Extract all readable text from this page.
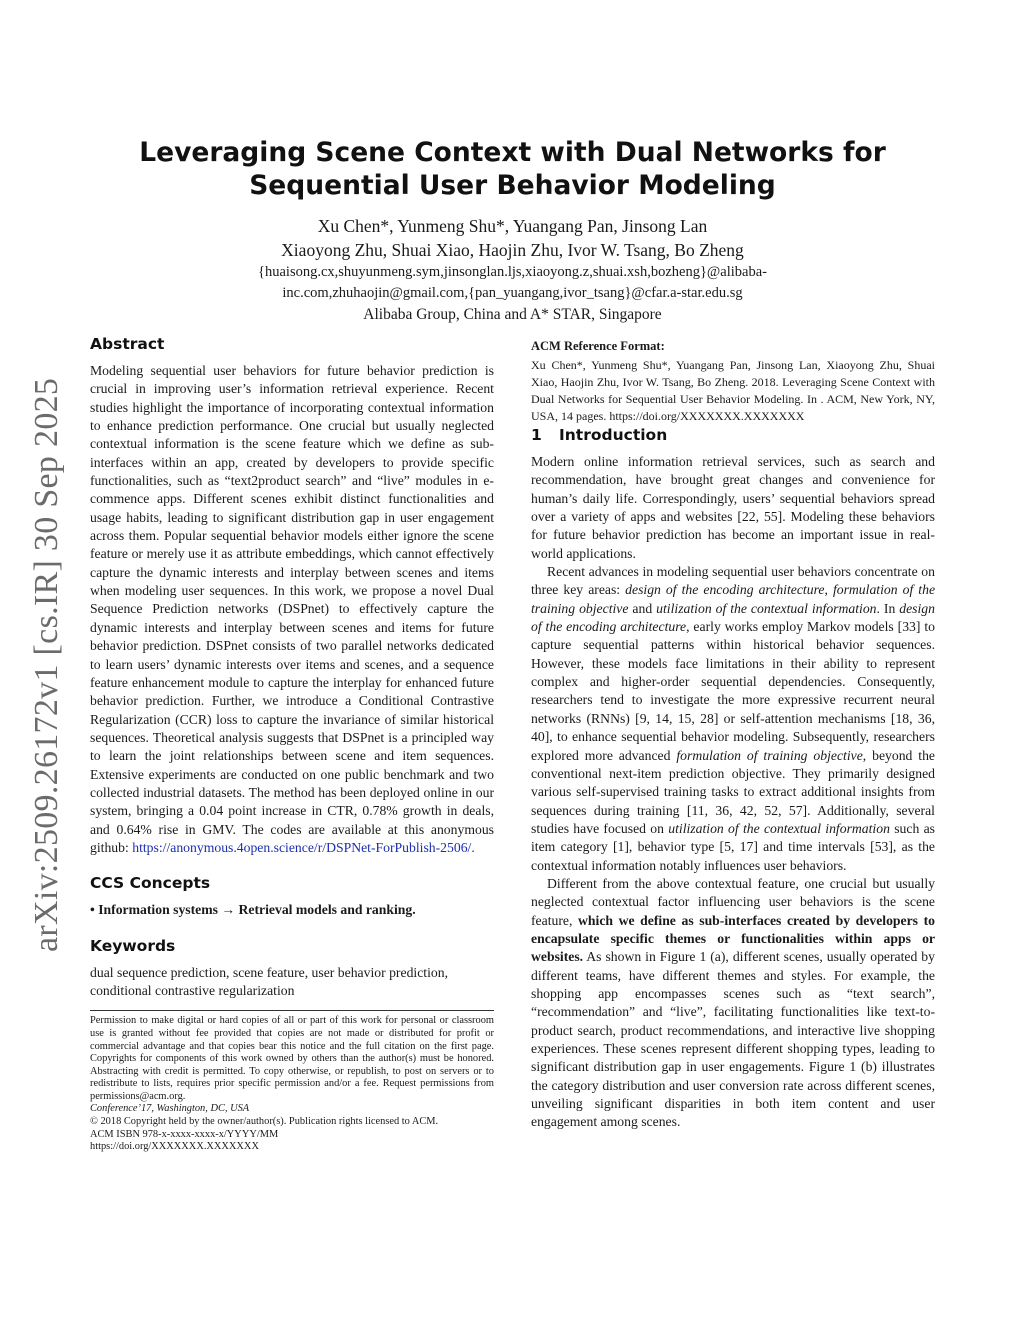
arXiv:2509.26172v1 [cs.IR] 30 Sep 2025
Leveraging Scene Context with Dual Networks for Sequential User Behavior Modeling
Xu Chen*, Yunmeng Shu*, Yuangang Pan, Jinsong Lan
Xiaoyong Zhu, Shuai Xiao, Haojin Zhu, Ivor W. Tsang, Bo Zheng
{huaisong.cx,shuyunmeng.sym,jinsonglan.ljs,xiaoyong.z,shuai.xsh,bozheng}@alibaba-
inc.com,zhuhaojin@gmail.com,{pan_yuangang,ivor_tsang}@cfar.a-star.edu.sg
Alibaba Group, China and A* STAR, Singapore
Abstract

Modeling sequential user behaviors for future behavior prediction is crucial in improving user’s information retrieval experience. Recent studies highlight the importance of incorporating contextual information to enhance prediction performance. One crucial but usually neglected contextual information is the scene feature which we define as sub-interfaces within an app, created by developers to provide specific functionalities, such as “text2product search” and “live” modules in e-commence apps. Different scenes exhibit distinct functionalities and usage habits, leading to significant distribution gap in user engagement across them. Popular sequential behavior models either ignore the scene feature or merely use it as attribute embeddings, which cannot effectively capture the dynamic interests and interplay between scenes and items when modeling user sequences. In this work, we propose a novel Dual Sequence Prediction networks (DSPnet) to effectively capture the dynamic interests and interplay between scenes and items for future behavior prediction. DSPnet consists of two parallel networks dedicated to learn users’ dynamic interests over items and scenes, and a sequence feature enhancement module to capture the interplay for enhanced future behavior prediction. Further, we introduce a Conditional Contrastive Regularization (CCR) loss to capture the invariance of similar historical sequences. Theoretical analysis suggests that DSPnet is a principled way to learn the joint relationships between scene and item sequences. Extensive experiments are conducted on one public benchmark and two collected industrial datasets. The method has been deployed online in our system, bringing a 0.04 point increase in CTR, 0.78% growth in deals, and 0.64% rise in GMV. The codes are available at this anonymous github: https://anonymous.4open.science/r/DSPNet-ForPublish-2506/.

CCS Concepts

• Information systems → Retrieval models and ranking.

Keywords

dual sequence prediction, scene feature, user behavior prediction, conditional contrastive regularization

Permission to make digital or hard copies of all or part of this work for personal or classroom use is granted without fee provided that copies are not made or distributed for profit or commercial advantage and that copies bear this notice and the full citation on the first page. Copyrights for components of this work owned by others than the author(s) must be honored. Abstracting with credit is permitted. To copy otherwise, or republish, to post on servers or to redistribute to lists, requires prior specific permission and/or a fee. Request permissions from permissions@acm.org.
Conference’17, Washington, DC, USA
© 2018 Copyright held by the owner/author(s). Publication rights licensed to ACM.
ACM ISBN 978-x-xxxx-xxxx-x/YYYY/MM
https://doi.org/XXXXXXX.XXXXXXX
ACM Reference Format:

Xu Chen*, Yunmeng Shu*, Yuangang Pan, Jinsong Lan, Xiaoyong Zhu, Shuai Xiao, Haojin Zhu, Ivor W. Tsang, Bo Zheng. 2018. Leveraging Scene Context with Dual Networks for Sequential User Behavior Modeling. In . ACM, New York, NY, USA, 14 pages. https://doi.org/XXXXXXX.XXXXXXX

1 Introduction

Modern online information retrieval services, such as search and recommendation, have brought great changes and convenience for human’s daily life. Correspondingly, users’ sequential behaviors spread over a variety of apps and websites [22, 55]. Modeling these behaviors for future behavior prediction has become an important issue in real-world applications.

Recent advances in modeling sequential user behaviors concentrate on three key areas: design of the encoding architecture, formulation of the training objective and utilization of the contextual information. In design of the encoding architecture, early works employ Markov models [33] to capture sequential patterns within historical behavior sequences. However, these models face limitations in their ability to represent complex and higher-order sequential dependencies. Consequently, researchers tend to investigate the more expressive recurrent neural networks (RNNs) [9, 14, 15, 28] or self-attention mechanisms [18, 36, 40], to enhance sequential behavior modeling. Subsequently, researchers explored more advanced formulation of training objective, beyond the conventional next-item prediction objective. They primarily designed various self-supervised training tasks to extract additional insights from sequences during training [11, 36, 42, 52, 57]. Additionally, several studies have focused on utilization of the contextual information such as item category [1], behavior type [5, 17] and time intervals [53], as the contextual information notably influences user behaviors.

Different from the above contextual feature, one crucial but usually neglected contextual factor influencing user behaviors is the scene feature, which we define as sub-interfaces created by developers to encapsulate specific themes or functionalities within apps or websites. As shown in Figure 1 (a), different scenes, usually operated by different teams, have different themes and styles. For example, the shopping app encompasses scenes such as “text search”, “recommendation” and “live”, facilitating functionalities like text-to-product search, product recommendations, and interactive live shopping experiences. These scenes represent different shopping types, leading to significant distribution gap in user engagements. Figure 1 (b) illustrates the category distribution and user conversion rate across different scenes, unveiling significant disparities in both item content and user engagement among scenes.
